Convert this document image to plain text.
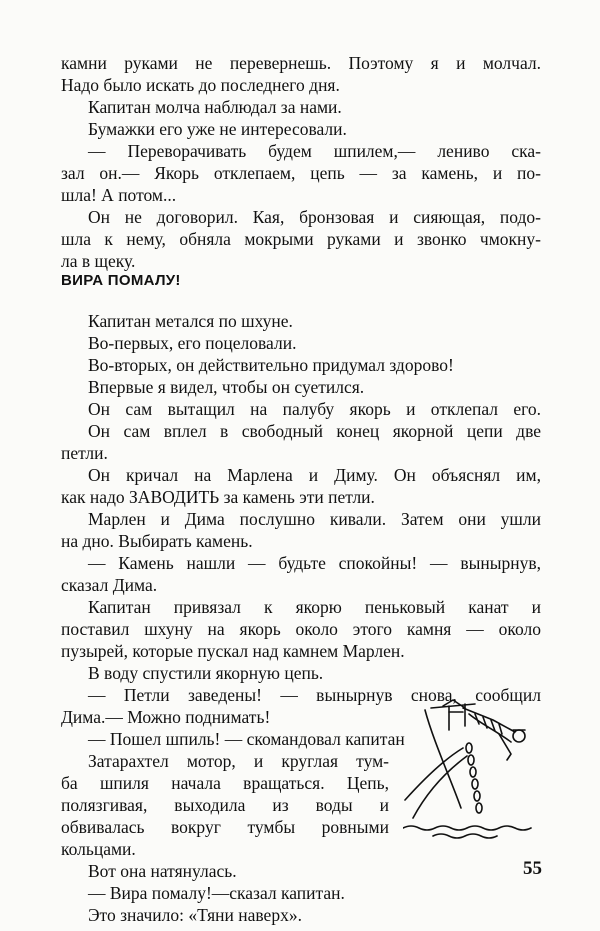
камни руками не перевернешь. Поэтому я и молчал.
Надо было искать до последнего дня.
Капитан молча наблюдал за нами.
Бумажки его уже не интересовали.
— Переворачивать будем шпилем,— лениво ска-
зал он.— Якорь отклепаем, цепь — за камень, и по-
шла! А потом...
Он не договорил. Кая, бронзовая и сияющая, подо-
шла к нему, обняла мокрыми руками и звонко чмокну-
ла в щеку.
ВИРА ПОМАЛУ!
Капитан метался по шхуне.
Во-первых, его поцеловали.
Во-вторых, он действительно придумал здорово!
Впервые я видел, чтобы он суетился.
Он сам вытащил на палубу якорь и отклепал его.
Он сам вплел в свободный конец якорной цепи две
петли.
Он кричал на Марлена и Диму. Он объяснял им,
как надо ЗАВОДИТЬ за камень эти петли.
Марлен и Дима послушно кивали. Затем они ушли
на дно. Выбирать камень.
— Камень нашли — будьте спокойны! — вынырнув,
сказал Дима.
Капитан привязал к якорю пеньковый канат и
поставил шхуну на якорь около этого камня — около
пузырей, которые пускал над камнем Марлен.
В воду спустили якорную цепь.
— Петли заведены! — вынырнув снова, сообщил
Дима.— Можно поднимать!
— Пошел шпиль! — скомандовал капитан
Затарахтел мотор, и круглая тум-
ба шпиля начала вращаться. Цепь,
полязгивая, выходила из воды и
обвивалась вокруг тумбы ровными
кольцами.
Вот она натянулась.
— Вира помалу!—сказал капитан.
Это значило: «Тяни наверх».
55
